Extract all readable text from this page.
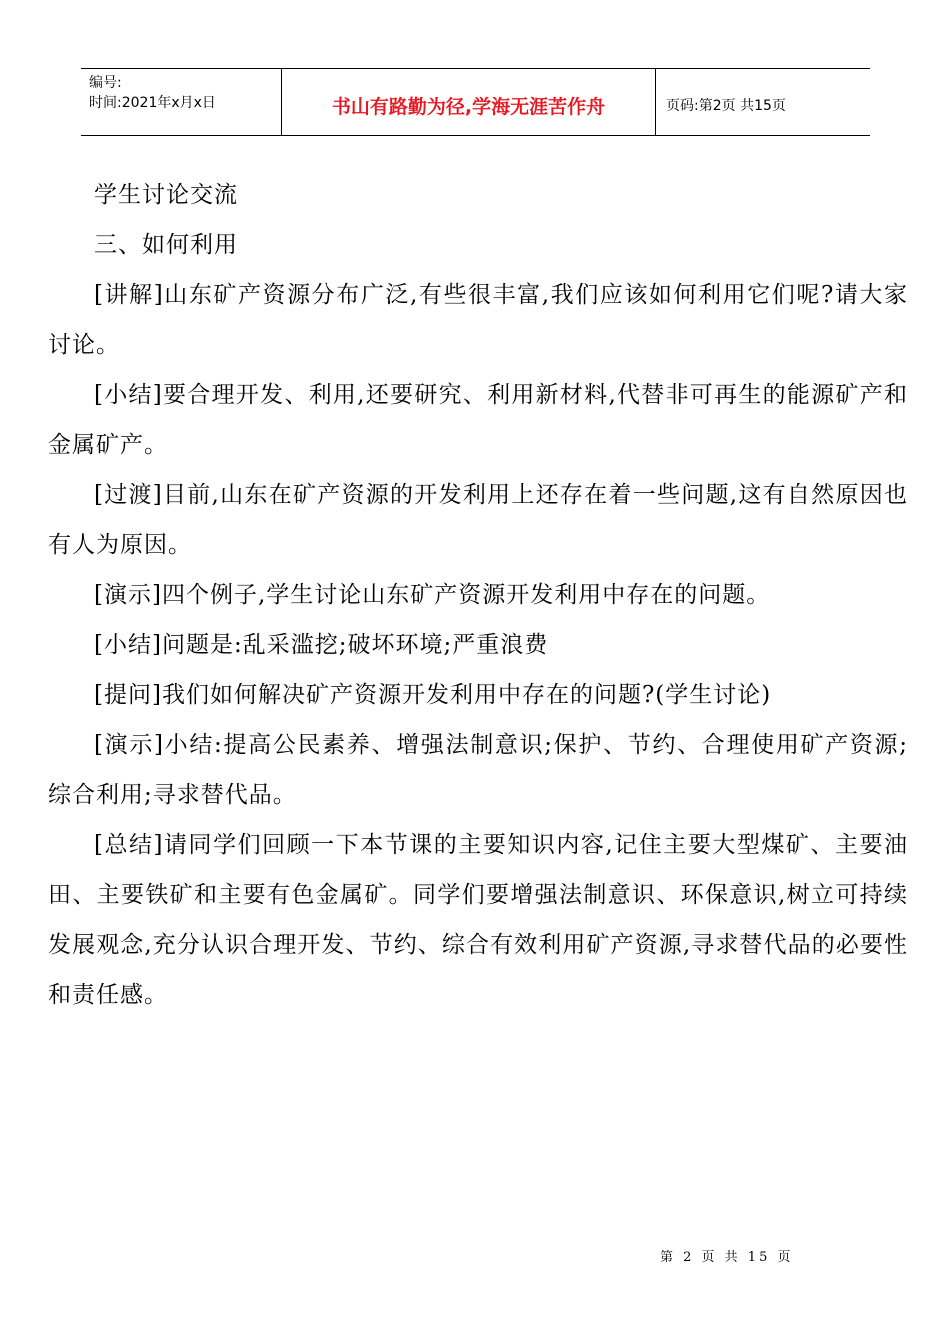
编号:
时间:2021年x月x日	书山有路勤为径,学海无涯苦作舟	页码:第2页 共15页

学生讨论交流

三、如何利用

[讲解]山东矿产资源分布广泛,有些很丰富,我们应该如何利用它们呢?请大家讨论。

[小结]要合理开发、利用,还要研究、利用新材料,代替非可再生的能源矿产和金属矿产。

[过渡]目前,山东在矿产资源的开发利用上还存在着一些问题,这有自然原因也有人为原因。

[演示]四个例子,学生讨论山东矿产资源开发利用中存在的问题。

[小结]问题是:乱采滥挖;破坏环境;严重浪费

[提问]我们如何解决矿产资源开发利用中存在的问题?(学生讨论)

[演示]小结:提高公民素养、增强法制意识;保护、节约、合理使用矿产资源;综合利用;寻求替代品。

[总结]请同学们回顾一下本节课的主要知识内容,记住主要大型煤矿、主要油田、主要铁矿和主要有色金属矿。同学们要增强法制意识、环保意识,树立可持续发展观念,充分认识合理开发、节约、综合有效利用矿产资源,寻求替代品的必要性和责任感。

第 2 页 共 15 页
